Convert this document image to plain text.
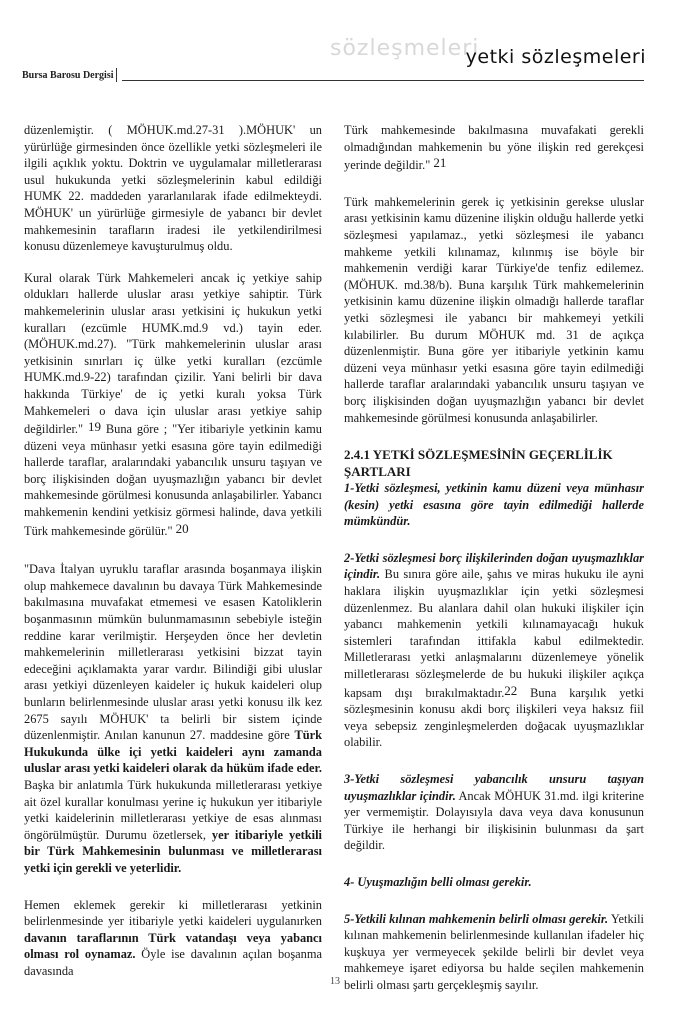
sözleşmeleri
yetki sözleşmeleri
Bursa Barosu Dergisi

düzenlemiştir. ( MÖHUK.md.27-31 ).MÖHUK' un yürürlüğe girmesinden önce özellikle yetki sözleşmeleri ile ilgili açıklık yoktu. Doktrin ve uygulamalar milletlerarası usul hukukunda yetki sözleşmelerinin kabul edildiği HUMK 22. maddeden yararlanılarak ifade edilmekteydi. MÖHUK' un yürürlüğe girmesiyle de yabancı bir devlet mahkemesinin tarafların iradesi ile yetkilendirilmesi konusu düzenlemeye kavuşturulmuş oldu.

Kural olarak Türk Mahkemeleri ancak iç yetkiye sahip oldukları hallerde uluslar arası yetkiye sahiptir. Türk mahkemelerinin uluslar arası yetkisini iç hukukun yetki kuralları (ezcümle HUMK.md.9 vd.) tayin eder. (MÖHUK.md.27). "Türk mahkemelerinin uluslar arası yetkisinin sınırları iç ülke yetki kuralları (ezcümle HUMK.md.9-22) tarafından çizilir. Yani belirli bir dava hakkında Türkiye' de iç yetki kuralı yoksa Türk Mahkemeleri o dava için uluslar arası yetkiye sahip değildirler." 19 Buna göre ; "Yer itibariyle yetkinin kamu düzeni veya münhasır yetki esasına göre tayin edilmediği hallerde taraflar, aralarındaki yabancılık unsuru taşıyan ve borç ilişkisinden doğan uyuşmazlığın yabancı bir devlet mahkemesinde görülmesi konusunda anlaşabilirler. Yabancı mahkemenin kendini yetkisiz görmesi halinde, dava yetkili Türk mahkemesinde görülür." 20

"Dava İtalyan uyruklu taraflar arasında boşanmaya ilişkin olup mahkemece davalının bu davaya Türk Mahkemesinde bakılmasına muvafakat etmemesi ve esasen Katoliklerin boşanmasının mümkün bulunmamasının sebebiyle isteğin reddine karar verilmiştir. Herşeyden önce her devletin mahkemelerinin milletlerarası yetkisini bizzat tayin edeceğini açıklamakta yarar vardır. Bilindiği gibi uluslar arası yetkiyi düzenleyen kaideler iç hukuk kaideleri olup bunların belirlenmesinde uluslar arası yetki konusu ilk kez 2675 sayılı MÖHUK' ta belirli bir sistem içinde düzenlenmiştir. Anılan kanunun 27. maddesine göre Türk Hukukunda ülke içi yetki kaideleri aynı zamanda uluslar arası yetki kaideleri olarak da hüküm ifade eder. Başka bir anlatımla Türk hukukunda milletlerarası yetkiye ait özel kurallar konulması yerine iç hukukun yer itibariyle yetki kaidelerinin milletlerarası yetkiye de esas alınması öngörülmüştür. Durumu özetlersek, yer itibariyle yetkili bir Türk Mahkemesinin bulunması ve milletlerarası yetki için gerekli ve yeterlidir.

Hemen eklemek gerekir ki milletlerarası yetkinin belirlenmesinde yer itibariyle yetki kaideleri uygulanırken davanın taraflarının Türk vatandaşı veya yabancı olması rol oynamaz. Öyle ise davalının açılan boşanma davasında

Türk mahkemesinde bakılmasına muvafakati gerekli olmadığından mahkemenin bu yöne ilişkin red gerekçesi yerinde değildir." 21

Türk mahkemelerinin gerek iç yetkisinin gerekse uluslar arası yetkisinin kamu düzenine ilişkin olduğu hallerde yetki sözleşmesi yapılamaz., yetki sözleşmesi ile yabancı mahkeme yetkili kılınamaz, kılınmış ise böyle bir mahkemenin verdiği karar Türkiye'de tenfiz edilemez. (MÖHUK. md.38/b). Buna karşılık Türk mahkemelerinin yetkisinin kamu düzenine ilişkin olmadığı hallerde taraflar yetki sözleşmesi ile yabancı bir mahkemeyi yetkili kılabilirler. Bu durum MÖHUK md. 31 de açıkça düzenlenmiştir. Buna göre yer itibariyle yetkinin kamu düzeni veya münhasır yetki esasına göre tayin edilmediği hallerde taraflar aralarındaki yabancılık unsuru taşıyan ve borç ilişkisinden doğan uyuşmazlığın yabancı bir devlet mahkemesinde görülmesi konusunda anlaşabilirler.

2.4.1 YETKİ SÖZLEŞMESİNİN GEÇERLİLİK ŞARTLARI

1-Yetki sözleşmesi, yetkinin kamu düzeni veya münhasır (kesin) yetki esasına göre tayin edilmediği hallerde mümkündür.

2-Yetki sözleşmesi borç ilişkilerinden doğan uyuşmazlıklar içindir. Bu sınıra göre aile, şahıs ve miras hukuku ile ayni haklara ilişkin uyuşmazlıklar için yetki sözleşmesi düzenlenmez. Bu alanlara dahil olan hukuki ilişkiler için yabancı mahkemenin yetkili kılınamayacağı hukuk sistemleri tarafından ittifakla kabul edilmektedir. Milletlerarası yetki anlaşmalarını düzenlemeye yönelik milletlerarası sözleşmelerde de bu hukuki ilişkiler açıkça kapsam dışı bırakılmaktadır.22 Buna karşılık yetki sözleşmesinin konusu akdi borç ilişkileri veya haksız fiil veya sebepsiz zenginleşmelerden doğacak uyuşmazlıklar olabilir.

3-Yetki sözleşmesi yabancılık unsuru taşıyan uyuşmazlıklar içindir. Ancak MÖHUK 31.md. ilgi kriterine yer vermemiştir. Dolayısıyla dava veya dava konusunun Türkiye ile herhangi bir ilişkisinin bulunması da şart değildir.

4- Uyuşmazlığın belli olması gerekir.

5-Yetkili kılınan mahkemenin belirli olması gerekir. Yetkili kılınan mahkemenin belirlenmesinde kullanılan ifadeler hiç kuşkuya yer vermeyecek şekilde belirli bir devlet veya mahkemeye işaret ediyorsa bu halde seçilen mahkemenin belirli olması şartı gerçekleşmiş sayılır.

13
